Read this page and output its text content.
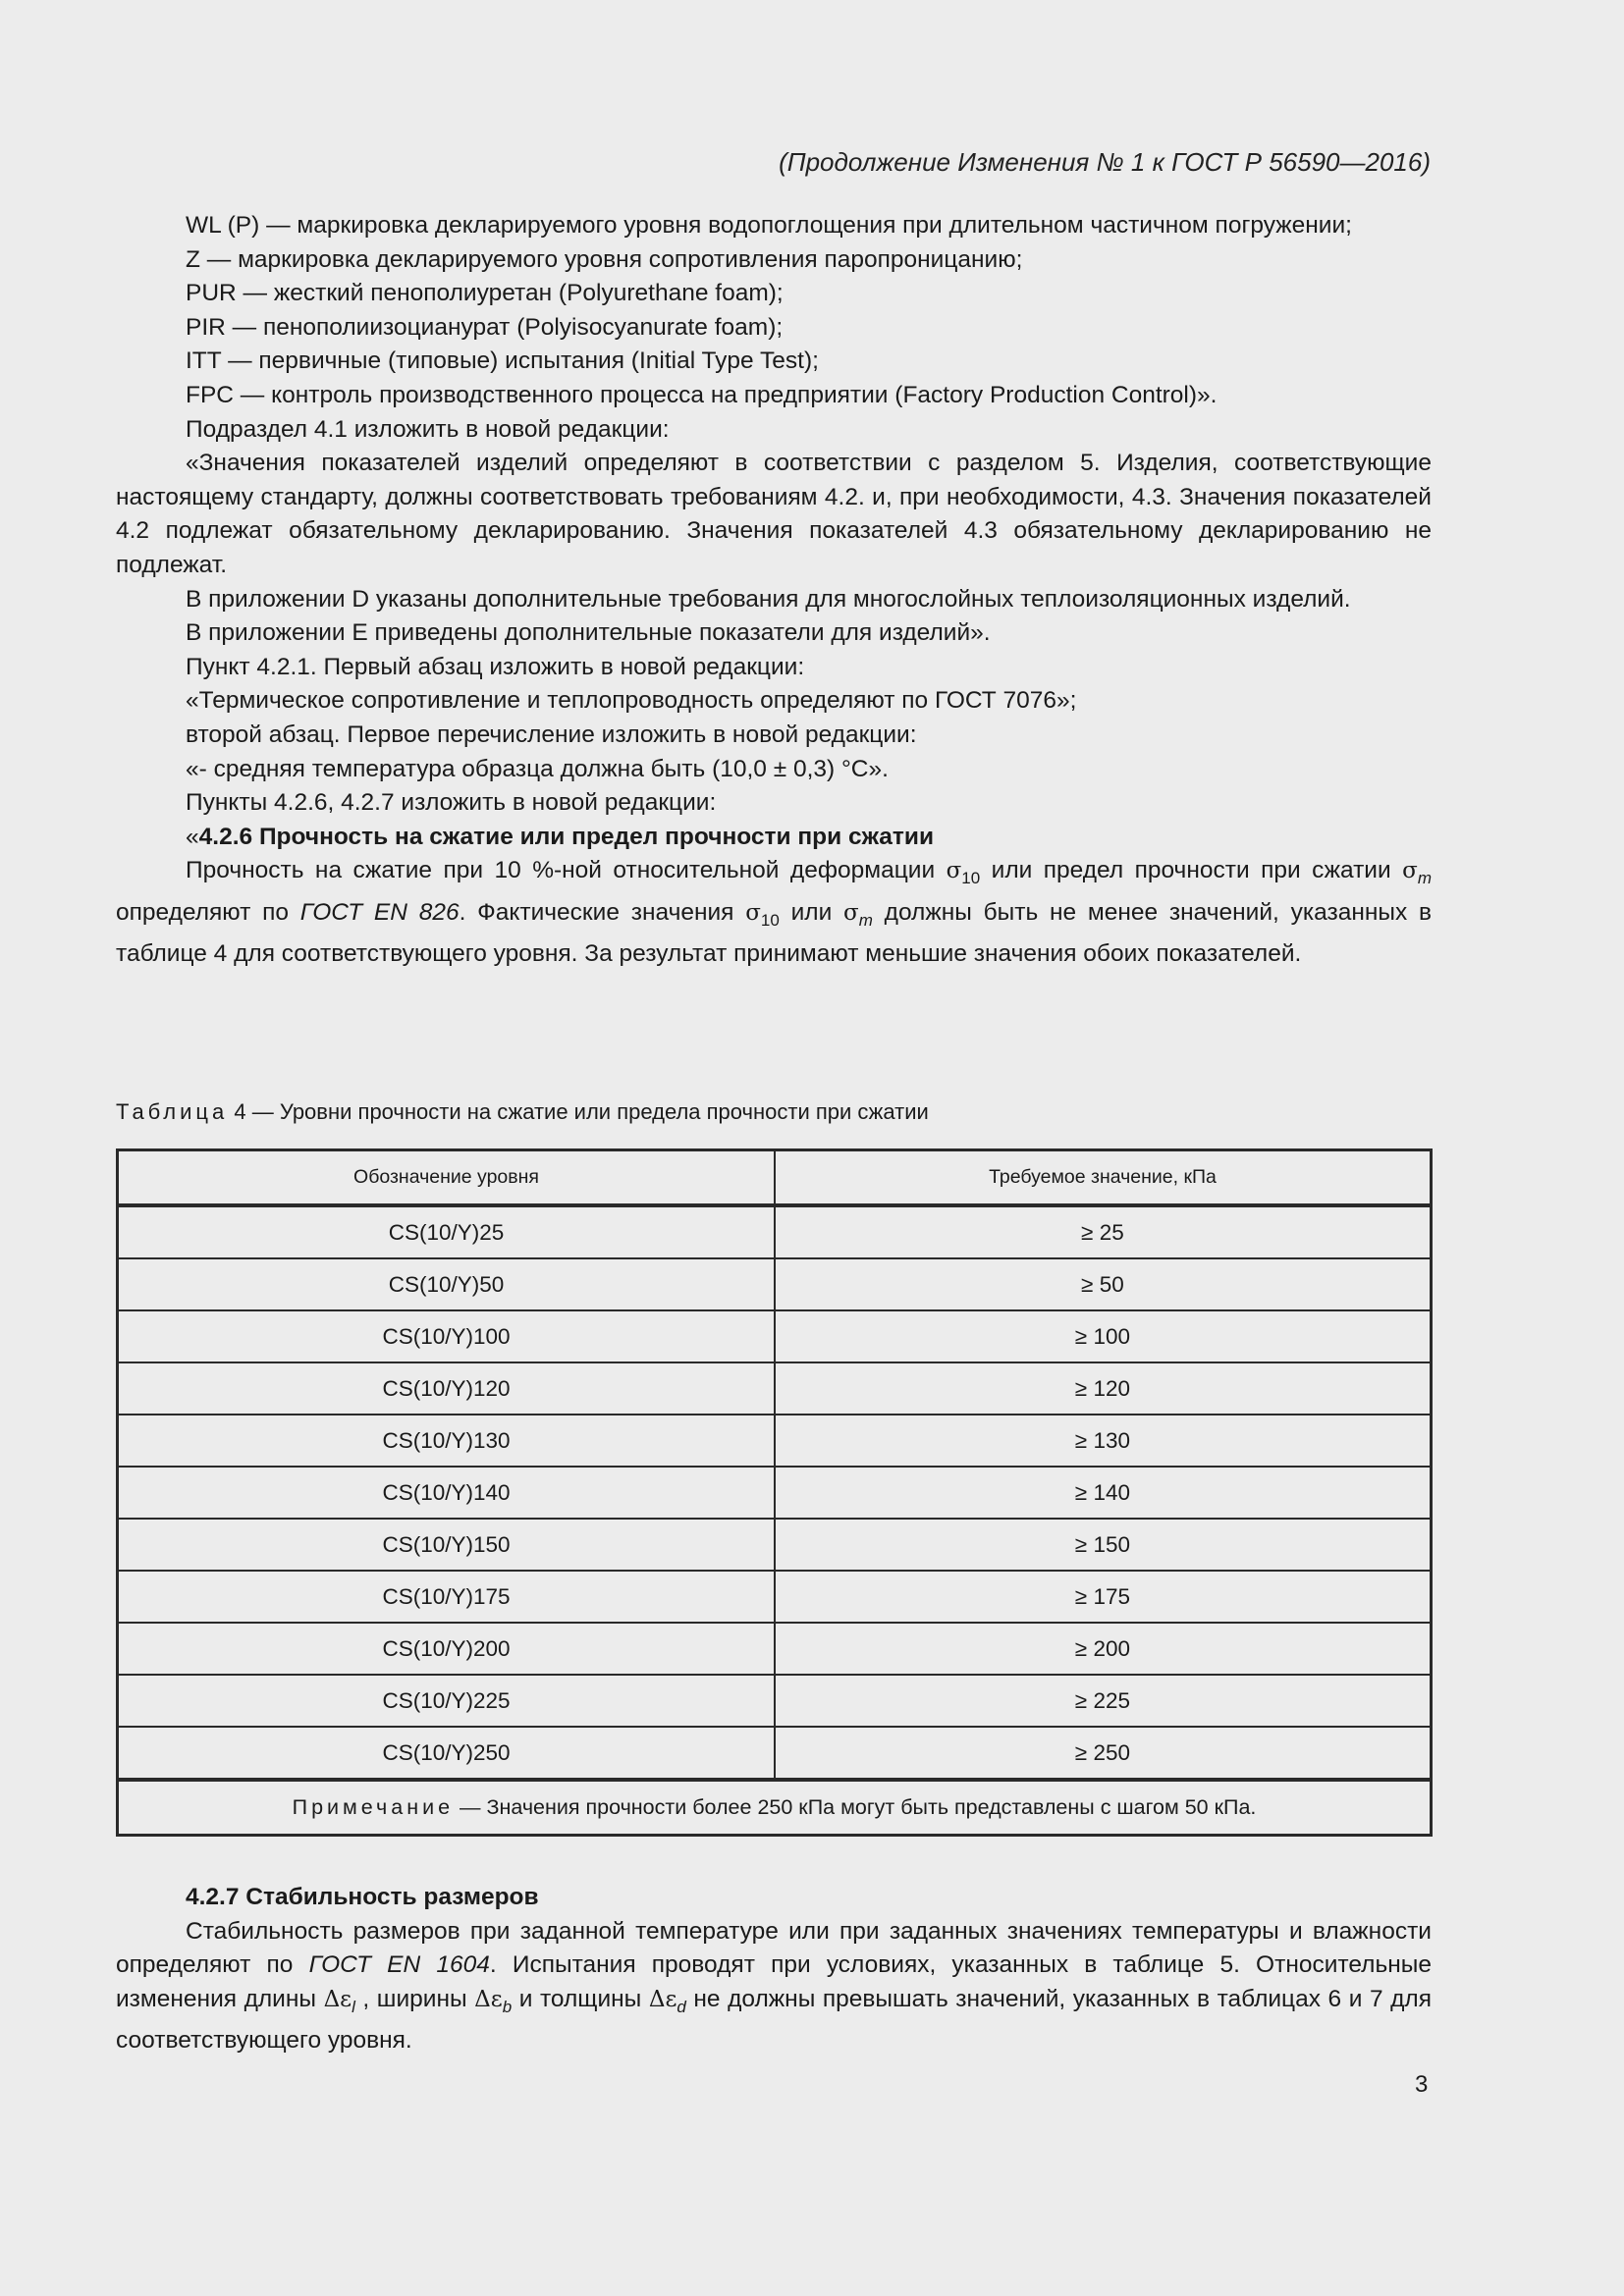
(Продолжение Изменения № 1 к ГОСТ Р 56590—2016)

WL (P) — маркировка декларируемого уровня водопоглощения при длительном частичном погружении;

Z — маркировка декларируемого уровня сопротивления паропроницанию;

PUR — жесткий пенополиуретан (Polyurethane foam);

PIR — пенополиизоцианурат (Polyisocyanurate foam);

ITT — первичные (типовые) испытания (Initial Type Test);

FPC — контроль производственного процесса на предприятии (Factory Production Control)».

Подраздел 4.1 изложить в новой редакции:

«Значения показателей изделий определяют в соответствии с разделом 5. Изделия, соответствующие настоящему стандарту, должны соответствовать требованиям 4.2. и, при необходимости, 4.3. Значения показателей 4.2 подлежат обязательному декларированию. Значения показателей 4.3 обязательному декларированию не подлежат.

В приложении D указаны дополнительные требования для многослойных теплоизоляционных изделий.

В приложении E приведены дополнительные показатели для изделий».

Пункт 4.2.1. Первый абзац изложить в новой редакции:

«Термическое сопротивление и теплопроводность определяют по ГОСТ 7076»;

второй абзац. Первое перечисление изложить в новой редакции:

«- средняя температура образца должна быть (10,0 ± 0,3) °С».

Пункты 4.2.6, 4.2.7 изложить в новой редакции:

«4.2.6 Прочность на сжатие или предел прочности при сжатии

Прочность на сжатие при 10 %-ной относительной деформации $\sigma_{10}$ или предел прочности при сжатии $\sigma_m$ определяют по ГОСТ EN 826. Фактические значения $\sigma_{10}$ или $\sigma_m$ должны быть не менее значений, указанных в таблице 4 для соответствующего уровня. За результат принимают меньшие значения обоих показателей.

Таблица 4 — Уровни прочности на сжатие или предела прочности при сжатии
Обозначение уровня	Требуемое значение, кПа
CS(10/Y)25	≥ 25
CS(10/Y)50	≥ 50
CS(10/Y)100	≥ 100
CS(10/Y)120	≥ 120
CS(10/Y)130	≥ 130
CS(10/Y)140	≥ 140
CS(10/Y)150	≥ 150
CS(10/Y)175	≥ 175
CS(10/Y)200	≥ 200
CS(10/Y)225	≥ 225
CS(10/Y)250	≥ 250
Примечание — Значения прочности более 250 кПа могут быть представлены с шагом 50 кПа.	

4.2.7 Стабильность размеров

Стабильность размеров при заданной температуре или при заданных значениях температуры и влажности определяют по ГОСТ EN 1604. Испытания проводят при условиях, указанных в таблице 5. Относительные изменения длины $\Delta\varepsilon_l$ , ширины $\Delta\varepsilon_b$ и толщины $\Delta\varepsilon_d$ не должны превышать значений, указанных в таблицах 6 и 7 для соответствующего уровня.

3
